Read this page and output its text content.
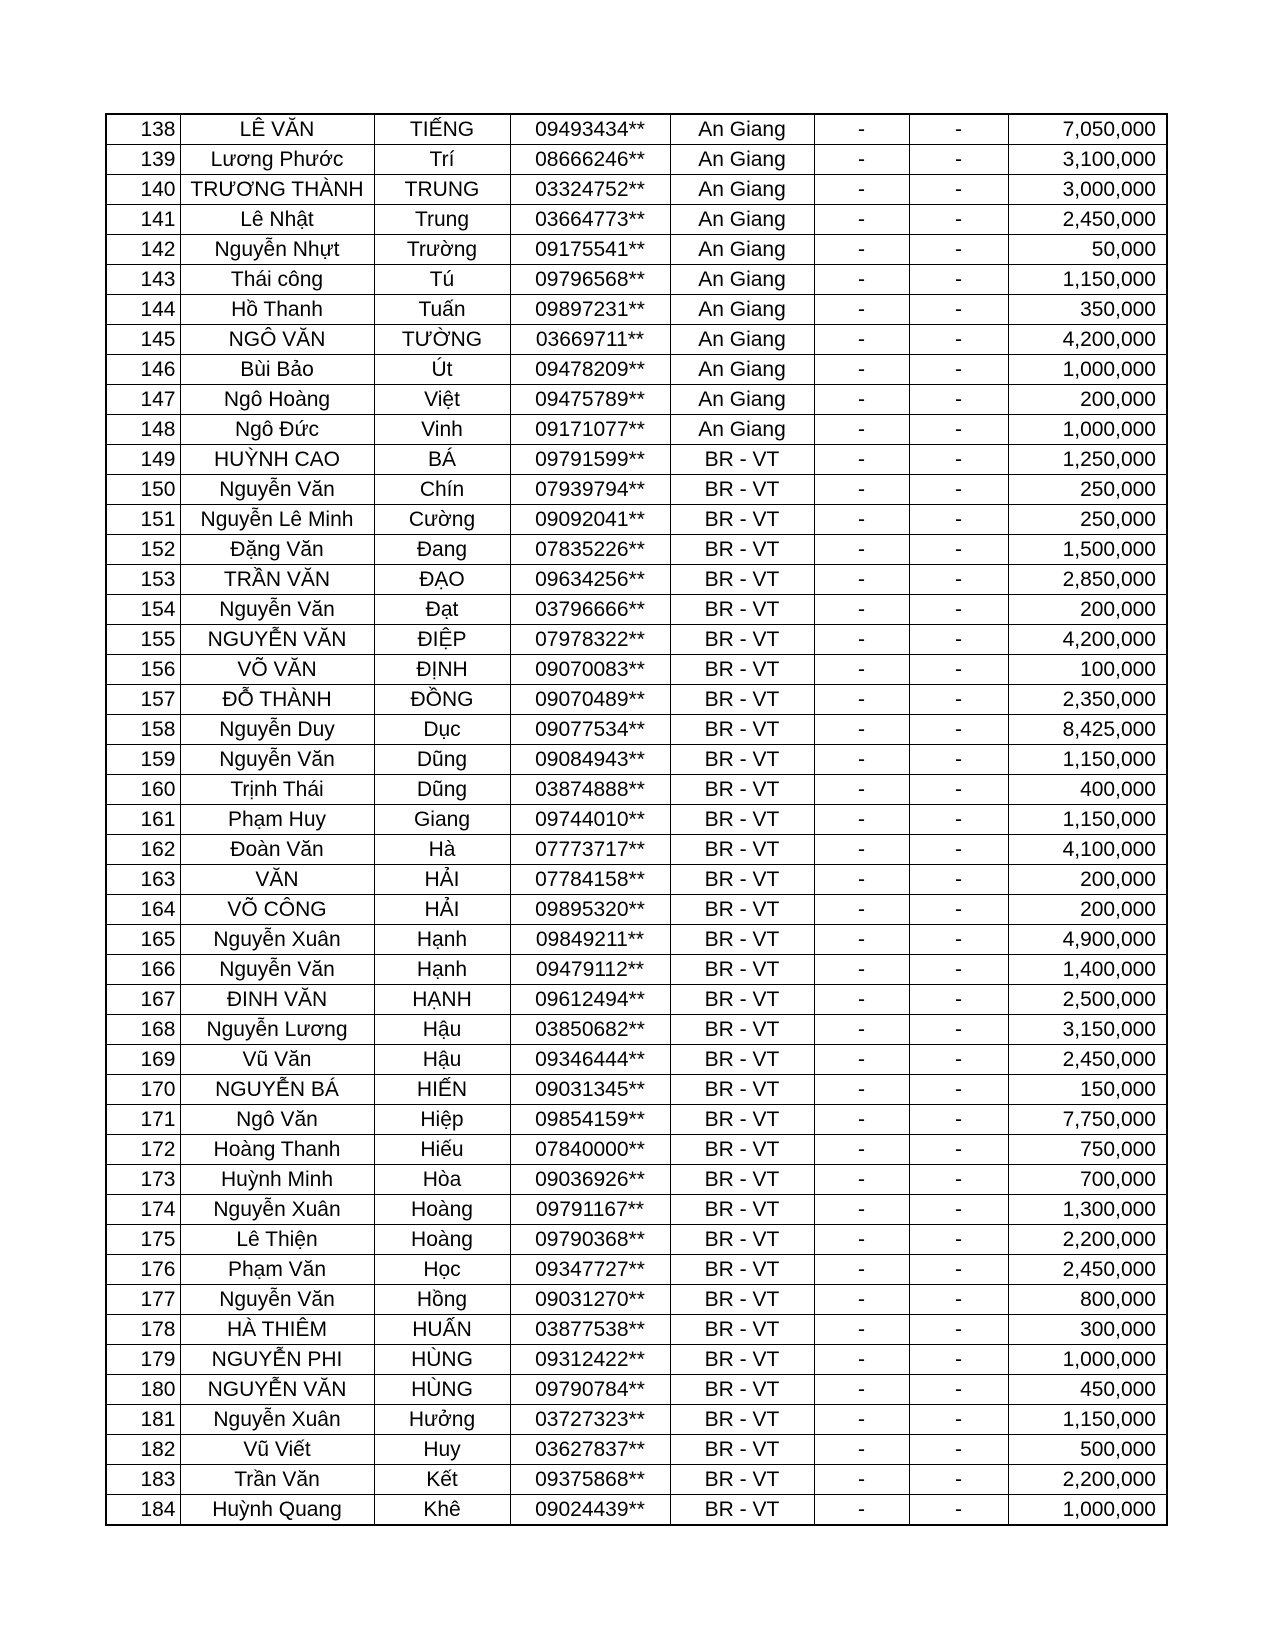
138	LÊ VĂN	TIẾNG	09493434**	An Giang	-	-	7,050,000
139	Lương Phước	Trí	08666246**	An Giang	-	-	3,100,000
140	TRƯƠNG THÀNH	TRUNG	03324752**	An Giang	-	-	3,000,000
141	Lê Nhật	Trung	03664773**	An Giang	-	-	2,450,000
142	Nguyễn Nhựt	Trường	09175541**	An Giang	-	-	50,000
143	Thái công	Tú	09796568**	An Giang	-	-	1,150,000
144	Hồ Thanh	Tuấn	09897231**	An Giang	-	-	350,000
145	NGÔ VĂN	TƯỜNG	03669711**	An Giang	-	-	4,200,000
146	Bùi Bảo	Út	09478209**	An Giang	-	-	1,000,000
147	Ngô Hoàng	Việt	09475789**	An Giang	-	-	200,000
148	Ngô Đức	Vinh	09171077**	An Giang	-	-	1,000,000
149	HUỲNH CAO	BÁ	09791599**	BR - VT	-	-	1,250,000
150	Nguyễn Văn	Chín	07939794**	BR - VT	-	-	250,000
151	Nguyễn Lê Minh	Cường	09092041**	BR - VT	-	-	250,000
152	Đặng Văn	Đang	07835226**	BR - VT	-	-	1,500,000
153	TRẦN VĂN	ĐẠO	09634256**	BR - VT	-	-	2,850,000
154	Nguyễn Văn	Đạt	03796666**	BR - VT	-	-	200,000
155	NGUYỄN VĂN	ĐIỆP	07978322**	BR - VT	-	-	4,200,000
156	VÕ VĂN	ĐỊNH	09070083**	BR - VT	-	-	100,000
157	ĐỖ THÀNH	ĐỒNG	09070489**	BR - VT	-	-	2,350,000
158	Nguyễn Duy	Dục	09077534**	BR - VT	-	-	8,425,000
159	Nguyễn Văn	Dũng	09084943**	BR - VT	-	-	1,150,000
160	Trịnh Thái	Dũng	03874888**	BR - VT	-	-	400,000
161	Phạm Huy	Giang	09744010**	BR - VT	-	-	1,150,000
162	Đoàn Văn	Hà	07773717**	BR - VT	-	-	4,100,000
163	VĂN	HẢI	07784158**	BR - VT	-	-	200,000
164	VÕ CÔNG	HẢI	09895320**	BR - VT	-	-	200,000
165	Nguyễn Xuân	Hạnh	09849211**	BR - VT	-	-	4,900,000
166	Nguyễn Văn	Hạnh	09479112**	BR - VT	-	-	1,400,000
167	ĐINH VĂN	HẠNH	09612494**	BR - VT	-	-	2,500,000
168	Nguyễn Lương	Hậu	03850682**	BR - VT	-	-	3,150,000
169	Vũ Văn	Hậu	09346444**	BR - VT	-	-	2,450,000
170	NGUYỄN BÁ	HIẾN	09031345**	BR - VT	-	-	150,000
171	Ngô Văn	Hiệp	09854159**	BR - VT	-	-	7,750,000
172	Hoàng Thanh	Hiếu	07840000**	BR - VT	-	-	750,000
173	Huỳnh Minh	Hòa	09036926**	BR - VT	-	-	700,000
174	Nguyễn Xuân	Hoàng	09791167**	BR - VT	-	-	1,300,000
175	Lê Thiện	Hoàng	09790368**	BR - VT	-	-	2,200,000
176	Phạm Văn	Học	09347727**	BR - VT	-	-	2,450,000
177	Nguyễn Văn	Hồng	09031270**	BR - VT	-	-	800,000
178	HÀ THIÊM	HUẤN	03877538**	BR - VT	-	-	300,000
179	NGUYỄN PHI	HÙNG	09312422**	BR - VT	-	-	1,000,000
180	NGUYỄN VĂN	HÙNG	09790784**	BR - VT	-	-	450,000
181	Nguyễn Xuân	Hưởng	03727323**	BR - VT	-	-	1,150,000
182	Vũ Viết	Huy	03627837**	BR - VT	-	-	500,000
183	Trần Văn	Kết	09375868**	BR - VT	-	-	2,200,000
184	Huỳnh Quang	Khê	09024439**	BR - VT	-	-	1,000,000
